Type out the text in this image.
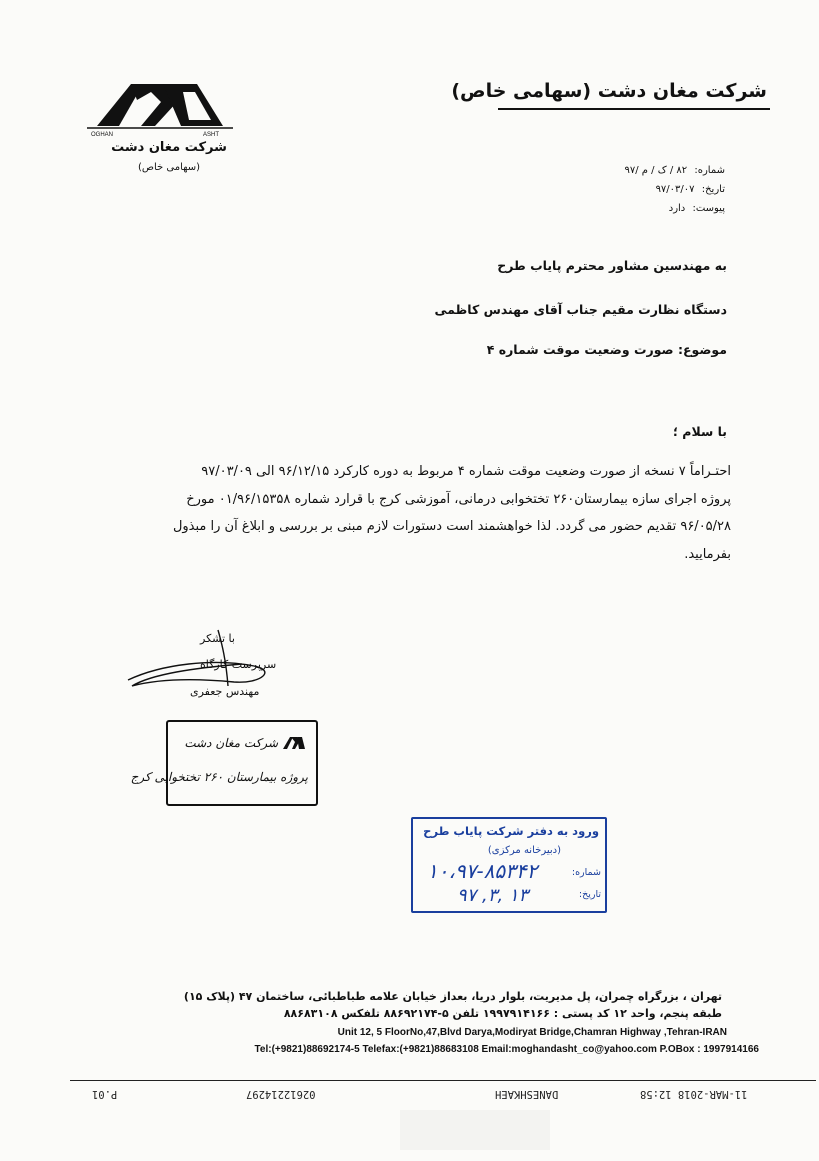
شرکت مغان دشت (سهامی خاص)
OGHAN	ASHT
شرکت مغان دشت
(سهامی خاص)	شماره: ۸۲ / ک / م /۹۷
تاریخ: ۹۷/۰۳/۰۷
پیوست: دارد
به مهندسین مشاور محترم پایاب طرح
دستگاه نظارت مقیم جناب آقای مهندس کاظمی
موضوع: صورت وضعیت موقت شماره ۴
با سلام ؛
احتـراماً ۷ نسخه از صورت وضعیت موقت شماره ۴ مربوط به دوره کارکرد ۹۶/۱۲/۱۵ الی ۹۷/۰۳/۰۹
پروژه اجرای سازه بیمارستان۲۶۰ تختخوابی درمانی، آموزشی کرج با قرارد شماره ۰۱/۹۶/۱۵۳۵۸ مورخ
۹۶/۰۵/۲۸ تقدیم حضور می گردد. لذا خواهشمند است دستورات لازم مبنی بر بررسی و ابلاغ آن را مبذول
بفرمایید.
با تشکر
سرپرست کارگاه
مهندس جعفری
شرکت مغان دشت
پروژه بیمارستان ۲۶۰ تختخوابی کرج
ورود به دفتر شرکت پایاب طرح
(دبیرخانه مرکزی)
شماره:
۱۰،۹۷-۸۵۳۴۲
تاریخ:
۹۷ ,۳, ۱۳
تهران ، بزرگراه چمران، پل مدیریت، بلوار دریا، بعداز خیابان علامه طباطبائی، ساختمان ۴۷ (پلاک ۱۵)
طبقه پنجم، واحد ۱۲ کد پستی : ۱۹۹۷۹۱۴۱۶۶ تلفن ۵-۸۸۶۹۲۱۷۴ تلفکس ۸۸۶۸۳۱۰۸
Unit 12, 5 FloorNo,47,Blvd Darya,Modiryat Bridge,Chamran Highway ,Tehran-IRAN
Tel:(+9821)88692174-5 Telefax:(+9821)88683108 Email:moghandasht_co@yahoo.com P.OBox : 1997914166
11-MAR-2018 12:58
DANESHKAEH
02612214297
P.01
